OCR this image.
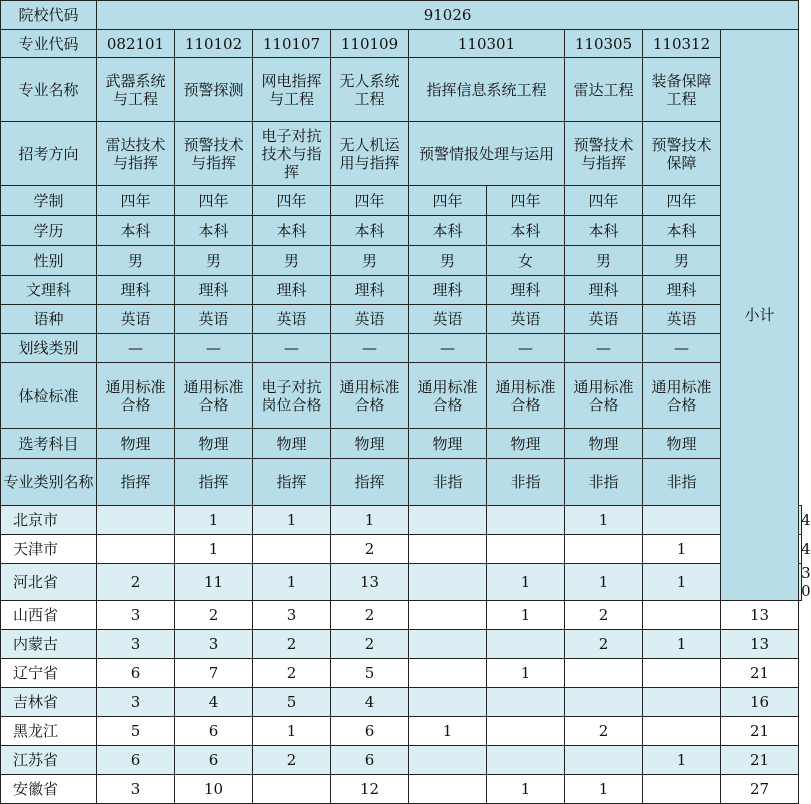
院校代码	91026									
专业代码	082101	110102	110107	110109	110301		110305	110312	小计	
专业名称	武器系统与工程	预警探测	网电指挥与工程	无人系统工程	指挥信息系统工程		雷达工程	装备保障工程		
招考方向	雷达技术与指挥	预警技术与指挥	电子对抗技术与指挥	无人机运用与指挥	预警情报处理与运用		预警技术与指挥	预警技术保障		
学制	四年	四年	四年	四年	四年	四年	四年	四年		
学历	本科	本科	本科	本科	本科	本科	本科	本科		
性别	男	男	男	男	男	女	男	男		
文理科	理科	理科	理科	理科	理科	理科	理科	理科		
语种	英语	英语	英语	英语	英语	英语	英语	英语		
划线类别	—	—	—	—	—	—	—	—		
体检标准	通用标准合格	通用标准合格	电子对抗岗位合格	通用标准合格	通用标准合格	通用标准合格	通用标准合格	通用标准合格		
选考科目	物理	物理	物理	物理	物理	物理	物理	物理		
专业类别名称	指挥	指挥	指挥	指挥	非指	非指	非指	非指		
北京市		1	1	1			1			4
天津市		1		2				1		4
河北省	2	11	1	13		1	1	1		30
山西省	3	2	3	2		1	2		13	
内蒙古	3	3	2	2			2	1	13	
辽宁省	6	7	2	5		1			21	
吉林省	3	4	5	4					16	
黑龙江	5	6	1	6	1		2		21	
江苏省	6	6	2	6				1	21	
安徽省	3	10		12		1	1		27	
